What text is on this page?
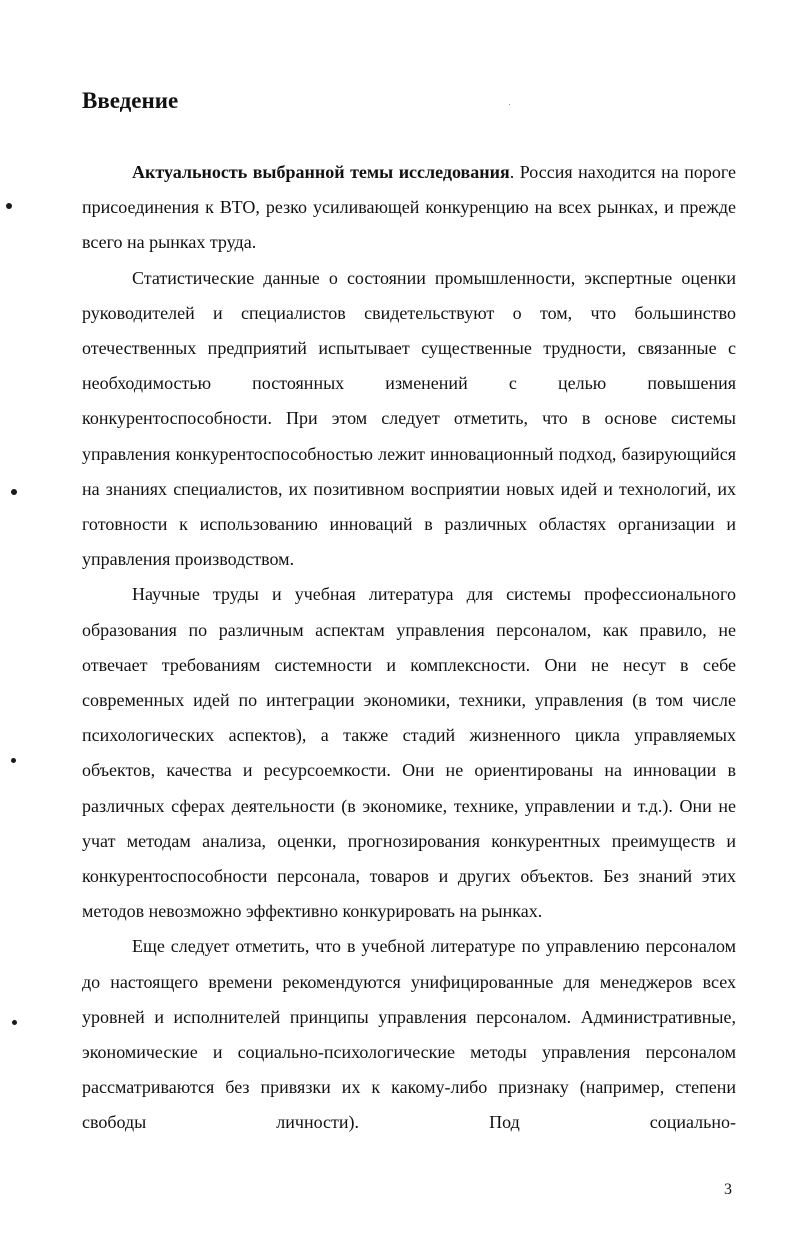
Введение

Актуальность выбранной темы исследования. Россия находится на пороге присоединения к ВТО, резко усиливающей конкуренцию на всех рынках, и прежде всего на рынках труда.

Статистические данные о состоянии промышленности, экспертные оценки руководителей и специалистов свидетельствуют о том, что большинство отечественных предприятий испытывает существенные трудности, связанные с необходимостью постоянных изменений с целью повышения конкурентоспособности. При этом следует отметить, что в основе системы управления конкурентоспособностью лежит инновационный подход, базирующийся на знаниях специалистов, их позитивном восприятии новых идей и технологий, их готовности к использованию инноваций в различных областях организации и управления производством.

Научные труды и учебная литература для системы профессионального образования по различным аспектам управления персоналом, как правило, не отвечает требованиям системности и комплексности. Они не несут в себе современных идей по интеграции экономики, техники, управления (в том числе психологических аспектов), а также стадий жизненного цикла управляемых объектов, качества и ресурсоемкости. Они не ориентированы на инновации в различных сферах деятельности (в экономике, технике, управлении и т.д.). Они не учат методам анализа, оценки, прогнозирования конкурентных преимуществ и конкурентоспособности персонала, товаров и других объектов. Без знаний этих методов невозможно эффективно конкурировать на рынках.

Еще следует отметить, что в учебной литературе по управлению персоналом до настоящего времени рекомендуются унифицированные для менеджеров всех уровней и исполнителей принципы управления персоналом. Административные, экономические и социально-психологические методы управления персоналом рассматриваются без привязки их к какому-либо признаку (например, степени свободы личности). Под социально-

3
